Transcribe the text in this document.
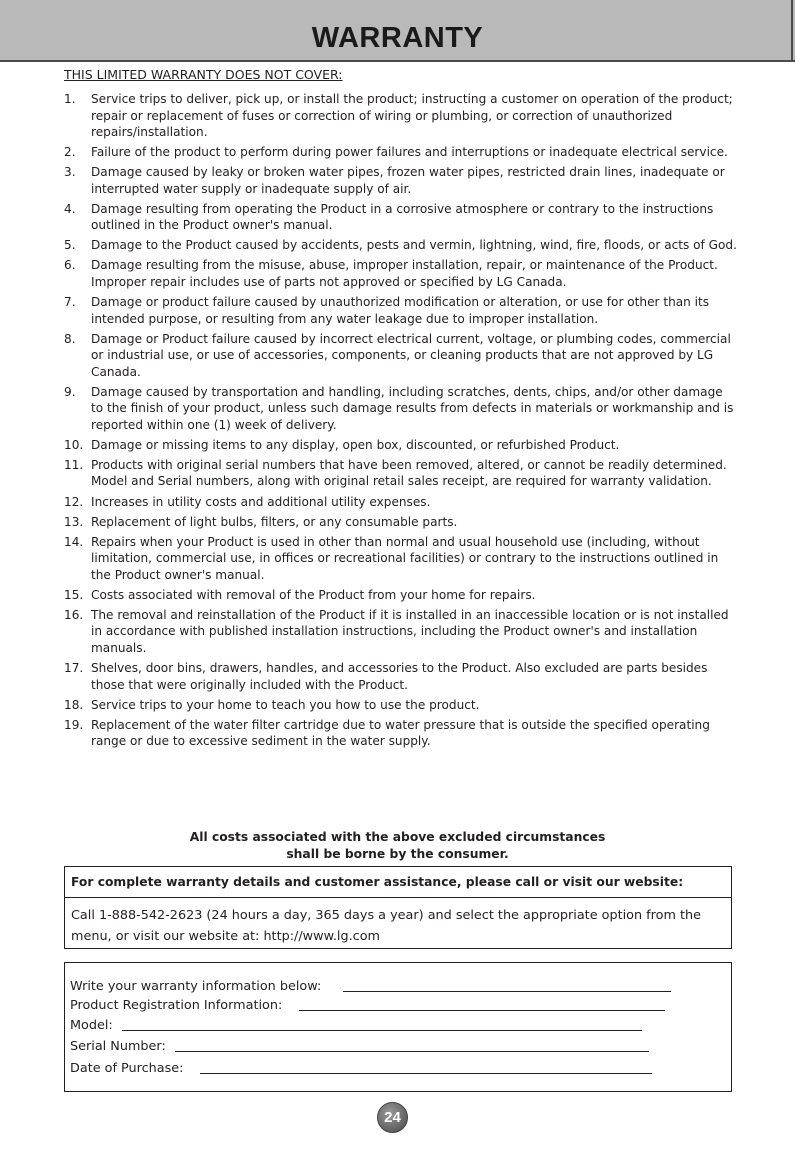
WARRANTY
THIS LIMITED WARRANTY DOES NOT COVER:
1. Service trips to deliver, pick up, or install the product; instructing a customer on operation of the product; repair or replacement of fuses or correction of wiring or plumbing, or correction of unauthorized repairs/installation.
2. Failure of the product to perform during power failures and interruptions or inadequate electrical service.
3. Damage caused by leaky or broken water pipes, frozen water pipes, restricted drain lines, inadequate or interrupted water supply or inadequate supply of air.
4. Damage resulting from operating the Product in a corrosive atmosphere or contrary to the instructions outlined in the Product owner's manual.
5. Damage to the Product caused by accidents, pests and vermin, lightning, wind, fire, floods, or acts of God.
6. Damage resulting from the misuse, abuse, improper installation, repair, or maintenance of the Product. Improper repair includes use of parts not approved or specified by LG Canada.
7. Damage or product failure caused by unauthorized modification or alteration, or use for other than its intended purpose, or resulting from any water leakage due to improper installation.
8. Damage or Product failure caused by incorrect electrical current, voltage, or plumbing codes, commercial or industrial use, or use of accessories, components, or cleaning products that are not approved by LG Canada.
9. Damage caused by transportation and handling, including scratches, dents, chips, and/or other damage to the finish of your product, unless such damage results from defects in materials or workmanship and is reported within one (1) week of delivery.
10. Damage or missing items to any display, open box, discounted, or refurbished Product.
11. Products with original serial numbers that have been removed, altered, or cannot be readily determined. Model and Serial numbers, along with original retail sales receipt, are required for warranty validation.
12. Increases in utility costs and additional utility expenses.
13. Replacement of light bulbs, filters, or any consumable parts.
14. Repairs when your Product is used in other than normal and usual household use (including, without limitation, commercial use, in offices or recreational facilities) or contrary to the instructions outlined in the Product owner's manual.
15. Costs associated with removal of the Product from your home for repairs.
16. The removal and reinstallation of the Product if it is installed in an inaccessible location or is not installed in accordance with published installation instructions, including the Product owner's and installation manuals.
17. Shelves, door bins, drawers, handles, and accessories to the Product. Also excluded are parts besides those that were originally included with the Product.
18. Service trips to your home to teach you how to use the product.
19. Replacement of the water filter cartridge due to water pressure that is outside the specified operating range or due to excessive sediment in the water supply.
All costs associated with the above excluded circumstances
shall be borne by the consumer.
For complete warranty details and customer assistance, please call or visit our website:
Call 1-888-542-2623 (24 hours a day, 365 days a year) and select the appropriate option from the menu, or visit our website at: http://www.lg.com
Write your warranty information below:
Product Registration Information:
Model:
Serial Number:
Date of Purchase:
24
